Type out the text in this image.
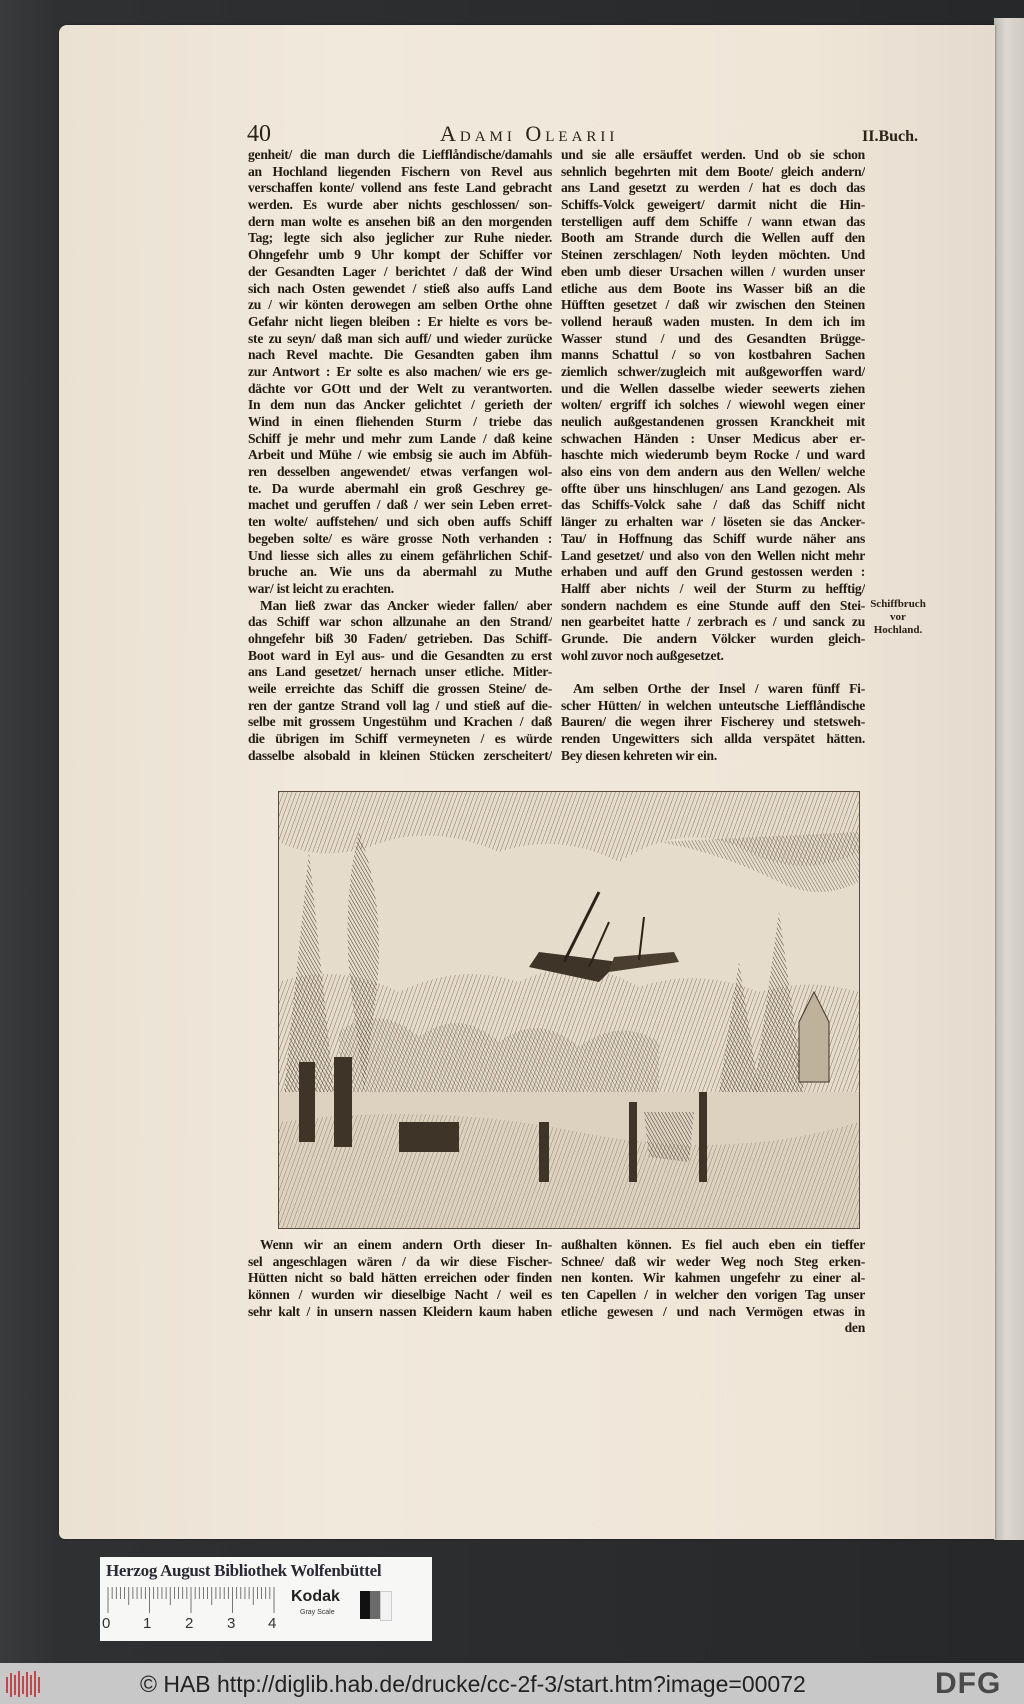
40	Adami Olearii	II.Buch.
genheit/ die man durch die Liefflåndische/damahls
an Hochland liegenden Fischern von Revel aus
verschaffen konte/ vollend ans feste Land gebracht
werden. Es wurde aber nichts geschlossen/ son-
dern man wolte es ansehen biß an den morgenden
Tag; legte sich also jeglicher zur Ruhe nieder.
Ohngefehr umb 9 Uhr kompt der Schiffer vor
der Gesandten Lager / berichtet / daß der Wind
sich nach Osten gewendet / stieß also auffs Land
zu / wir könten derowegen am selben Orthe ohne
Gefahr nicht liegen bleiben : Er hielte es vors be-
ste zu seyn/ daß man sich auff/ und wieder zurücke
nach Revel machte. Die Gesandten gaben ihm
zur Antwort : Er solte es also machen/ wie ers ge-
dächte vor GOtt und der Welt zu verantworten.
In dem nun das Ancker gelichtet / gerieth der
Wind in einen fliehenden Sturm / triebe das
Schiff je mehr und mehr zum Lande / daß keine
Arbeit und Mühe / wie embsig sie auch im Abfüh-
ren desselben angewendet/ etwas verfangen wol-
te. Da wurde abermahl ein groß Geschrey ge-
machet und geruffen / daß / wer sein Leben erret-
ten wolte/ auffstehen/ und sich oben auffs Schiff
begeben solte/ es wäre grosse Noth verhanden :
Und liesse sich alles zu einem gefährlichen Schif-
bruche an. Wie uns da abermahl zu Muthe
war/ ist leicht zu erachten.
Man ließ zwar das Ancker wieder fallen/ aber
das Schiff war schon allzunahe an den Strand/
ohngefehr biß 30 Faden/ getrieben. Das Schiff-
Boot ward in Eyl aus- und die Gesandten zu erst
ans Land gesetzet/ hernach unser etliche. Mitler-
weile erreichte das Schiff die grossen Steine/ de-
ren der gantze Strand voll lag / und stieß auf die-
selbe mit grossem Ungestühm und Krachen / daß
die übrigen im Schiff vermeyneten / es würde
dasselbe alsobald in kleinen Stücken zerscheitert/
und sie alle ersäuffet werden. Und ob sie schon
sehnlich begehrten mit dem Boote/ gleich andern/
ans Land gesetzt zu werden / hat es doch das
Schiffs-Volck geweigert/ darmit nicht die Hin-
terstelligen auff dem Schiffe / wann etwan das
Booth am Strande durch die Wellen auff den
Steinen zerschlagen/ Noth leyden möchten. Und
eben umb dieser Ursachen willen / wurden unser
etliche aus dem Boote ins Wasser biß an die
Hüfften gesetzet / daß wir zwischen den Steinen
vollend herauß waden musten. In dem ich im
Wasser stund / und des Gesandten Brügge-
manns Schattul / so von kostbahren Sachen
ziemlich schwer/zugleich mit außgeworffen ward/
und die Wellen dasselbe wieder seewerts ziehen
wolten/ ergriff ich solches / wiewohl wegen einer
neulich außgestandenen grossen Kranckheit mit
schwachen Händen : Unser Medicus aber er-
haschte mich wiederumb beym Rocke / und ward
also eins von dem andern aus den Wellen/ welche
offte über uns hinschlugen/ ans Land gezogen. Als
das Schiffs-Volck sahe / daß das Schiff nicht
länger zu erhalten war / löseten sie das Ancker-
Tau/ in Hoffnung das Schiff wurde näher ans
Land gesetzet/ und also von den Wellen nicht mehr
erhaben und auff den Grund gestossen werden :
Halff aber nichts / weil der Sturm zu hefftig/
sondern nachdem es eine Stunde auff den Stei-
nen gearbeitet hatte / zerbrach es / und sanck zu
Grunde. Die andern Völcker wurden gleich-
wohl zuvor noch außgesetzet.
Am selben Orthe der Insel / waren fünff Fi-
scher Hütten/ in welchen unteutsche Liefflåndische
Bauren/ die wegen ihrer Fischerey und stetsweh-
renden Ungewitters sich allda verspätet hätten.
Bey diesen kehreten wir ein.
Schiffbruch
vor
Hochland.
Wenn wir an einem andern Orth dieser In-
sel angeschlagen wären / da wir diese Fischer-
Hütten nicht so bald hätten erreichen oder finden
können / wurden wir dieselbige Nacht / weil es
sehr kalt / in unsern nassen Kleidern kaum haben
außhalten können. Es fiel auch eben ein tieffer
Schnee/ daß wir weder Weg noch Steg erken-
nen konten. Wir kahmen ungefehr zu einer al-
ten Capellen / in welcher den vorigen Tag unser
etliche gewesen / und nach Vermögen etwas in
den
Herzog August Bibliothek Wolfenbüttel
0 1 2 3 4
Kodak
Gray Scale
© HAB http://diglib.hab.de/drucke/cc-2f-3/start.htm?image=00072	DFG
